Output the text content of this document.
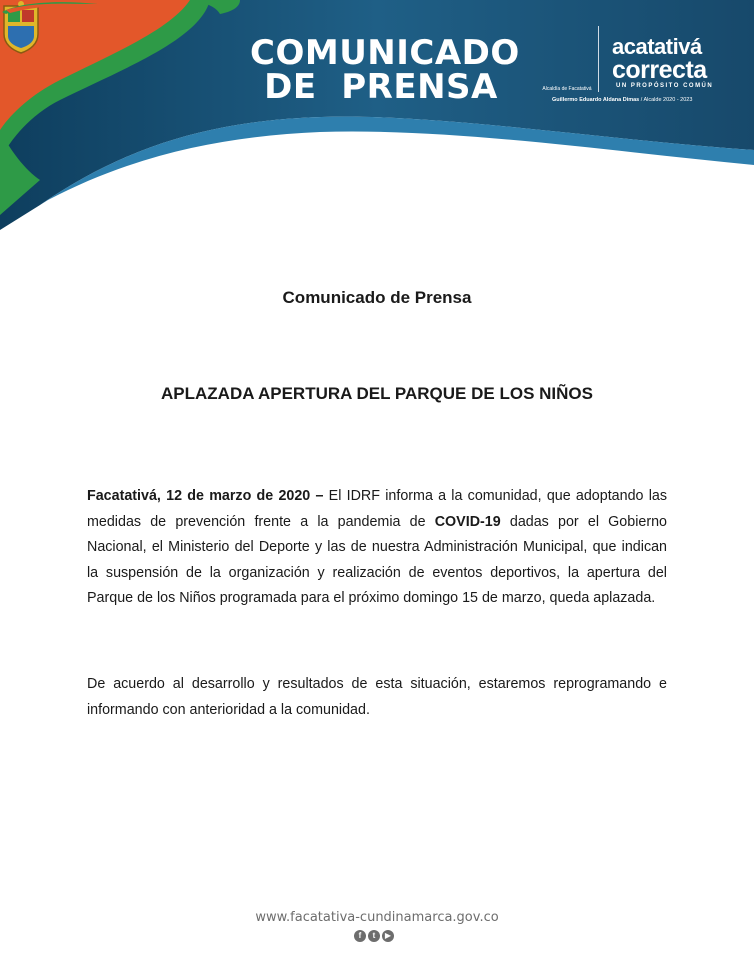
COMUNICADO
DE  PRENSA	Alcaldía de Facatativá
acatativá
correcta
UN PROPÓSITO COMÚN
Guillermo Eduardo Aldana Dimas / Alcalde 2020 - 2023
Comunicado de Prensa
APLAZADA APERTURA DEL PARQUE DE LOS NIÑOS

Facatativá, 12 de marzo de 2020 – El IDRF informa a la comunidad, que adoptando las medidas de prevención frente a la pandemia de COVID-19 dadas por el Gobierno Nacional, el Ministerio del Deporte y las de nuestra Administración Municipal, que indican la suspensión de la organización y realización de eventos deportivos, la apertura del Parque de los Niños programada para el próximo domingo 15 de marzo, queda aplazada.

De acuerdo al desarrollo y resultados de esta situación, estaremos reprogramando e informando con anterioridad a la comunidad.

www.facatativa-cundinamarca.gov.co
f	t	▶
